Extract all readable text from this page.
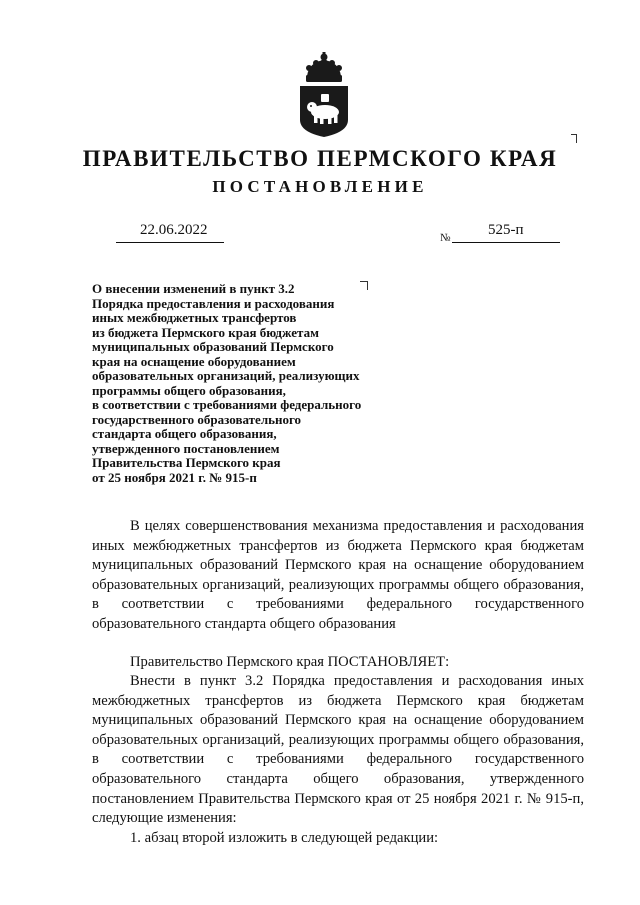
ПРАВИТЕЛЬСТВО ПЕРМСКОГО КРАЯ
ПОСТАНОВЛЕНИЕ
22.06.2022	№	525-п
О внесении изменений в пункт 3.2
Порядка предоставления и расходования
иных межбюджетных трансфертов
из бюджета Пермского края бюджетам
муниципальных образований Пермского
края на оснащение оборудованием
образовательных организаций, реализующих
программы общего образования,
в соответствии с требованиями федерального
государственного образовательного
стандарта общего образования,
утвержденного постановлением
Правительства Пермского края
от 25 ноября 2021 г. № 915-п
В целях совершенствования механизма предоставления и расходования иных межбюджетных трансфертов из бюджета Пермского края бюджетам муниципальных образований Пермского края на оснащение оборудованием образовательных организаций, реализующих программы общего образования, в соответствии с требованиями федерального государственного образовательного стандарта общего образования
Правительство Пермского края ПОСТАНОВЛЯЕТ:
Внести в пункт 3.2 Порядка предоставления и расходования иных межбюджетных трансфертов из бюджета Пермского края бюджетам муниципальных образований Пермского края на оснащение оборудованием образовательных организаций, реализующих программы общего образования, в соответствии с требованиями федерального государственного образовательного стандарта общего образования, утвержденного постановлением Правительства Пермского края от 25 ноября 2021 г. № 915-п, следующие изменения:
1. абзац второй изложить в следующей редакции:
